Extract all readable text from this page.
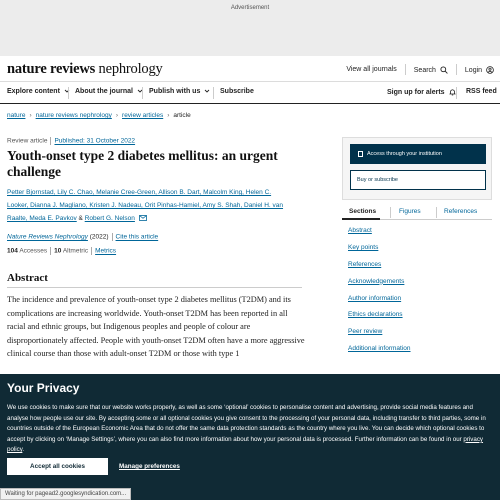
Advertisement
nature reviews nephrology	View all journals Search	Login
Explore content	About the journal	Publish with us	Subscribe	Sign up for alerts	RSS feed
nature › nature reviews nephrology › review articles › article
Review article Published: 31 October 2022
Youth-onset type 2 diabetes mellitus: an urgent challenge
Petter Bjornstad, Lily C. Chao, Melanie Cree-Green, Allison B. Dart, Malcolm King, Helen C.
Looker, Dianna J. Magliano, Kristen J. Nadeau, Orit Pinhas-Hamiel, Amy S. Shah, Daniel H. van
Raalte, Meda E. Pavkov & Robert G. Nelson
Nature Reviews Nephrology (2022) Cite this article
104 Accesses 10 Altmetric Metrics
Abstract

The incidence and prevalence of youth-onset type 2 diabetes mellitus (T2DM) and its complications are increasing worldwide. Youth-onset T2DM has been reported in all racial and ethnic groups, but Indigenous peoples and people of colour are disproportionately affected. People with youth-onset T2DM often have a more aggressive clinical course than those with adult-onset T2DM or those with type 1

Access through your institution
Buy or subscribe
Sections	Figures	References
Abstract
Key points
References
Acknowledgements
Author information
Ethics declarations
Peer review
Additional information
Your Privacy

We use cookies to make sure that our website works properly, as well as some ‘optional’ cookies to personalise content and advertising, provide social media features and analyse how people use our site. By accepting some or all optional cookies you give consent to the processing of your personal data, including transfer to third parties, some in countries outside of the European Economic Area that do not offer the same data protection standards as the country where you live. You can decide which optional cookies to accept by clicking on ‘Manage Settings’, where you can also find more information about how your personal data is processed. Further information can be found in our privacy policy.

Accept all cookies	Manage preferences
Waiting for pagead2.googlesyndication.com...
